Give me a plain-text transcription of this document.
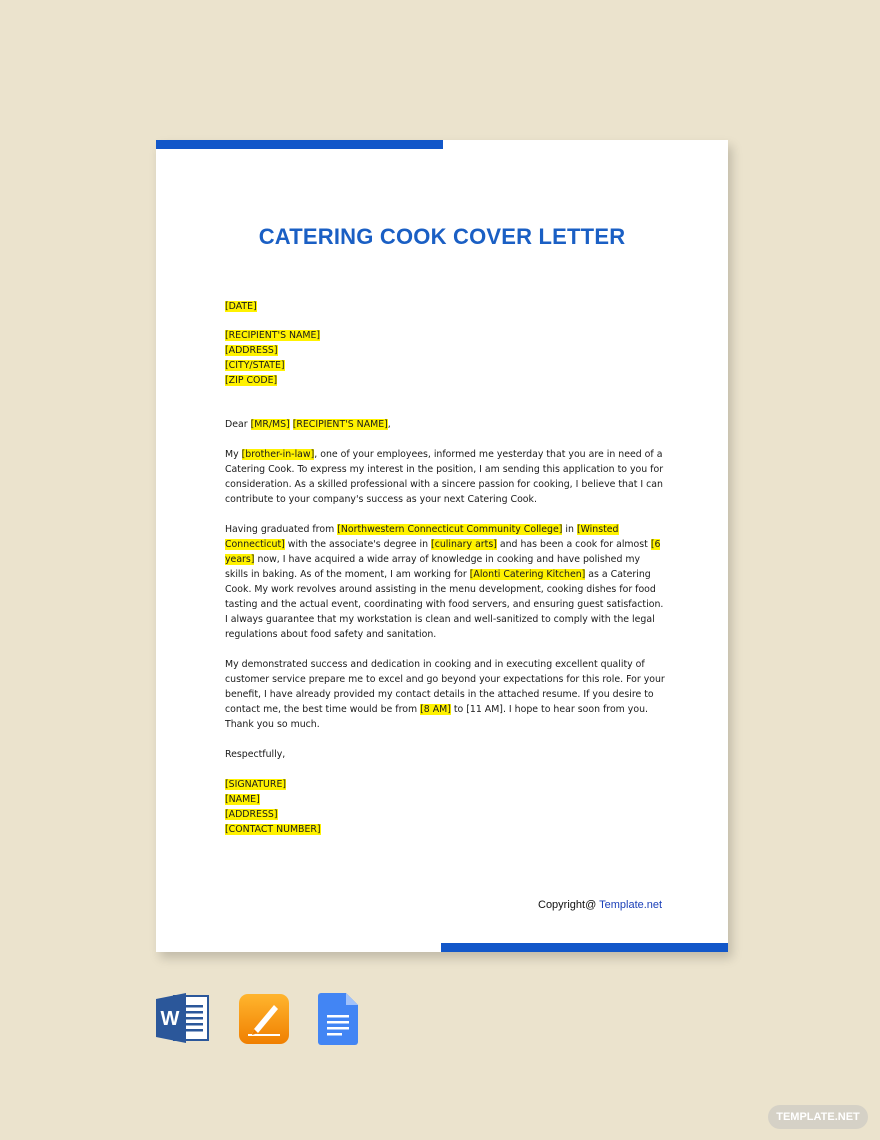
CATERING COOK COVER LETTER

[DATE]

[RECIPIENT'S NAME]

[ADDRESS]

[CITY/STATE]

[ZIP CODE]

Dear [MR/MS] [RECIPIENT'S NAME],

My [brother-in-law], one of your employees, informed me yesterday that you are in need of a Catering Cook. To express my interest in the position, I am sending this application to you for consideration. As a skilled professional with a sincere passion for cooking, I believe that I can contribute to your company's success as your next Catering Cook.

Having graduated from [Northwestern Connecticut Community College] in [Winsted Connecticut] with the associate's degree in [culinary arts] and has been a cook for almost [6 years] now, I have acquired a wide array of knowledge in cooking and have polished my skills in baking. As of the moment, I am working for [Alonti Catering Kitchen] as a Catering Cook. My work revolves around assisting in the menu development, cooking dishes for food tasting and the actual event, coordinating with food servers, and ensuring guest satisfaction. I always guarantee that my workstation is clean and well-sanitized to comply with the legal regulations about food safety and sanitation.

My demonstrated success and dedication in cooking and in executing excellent quality of customer service prepare me to excel and go beyond your expectations for this role. For your benefit, I have already provided my contact details in the attached resume. If you desire to contact me, the best time would be from [8 AM] to [11 AM]. I hope to hear soon from you. Thank you so much.

Respectfully,

[SIGNATURE]

[NAME]

[ADDRESS]

[CONTACT NUMBER]

Copyright@ Template.net
W
TEMPLATE.NET
